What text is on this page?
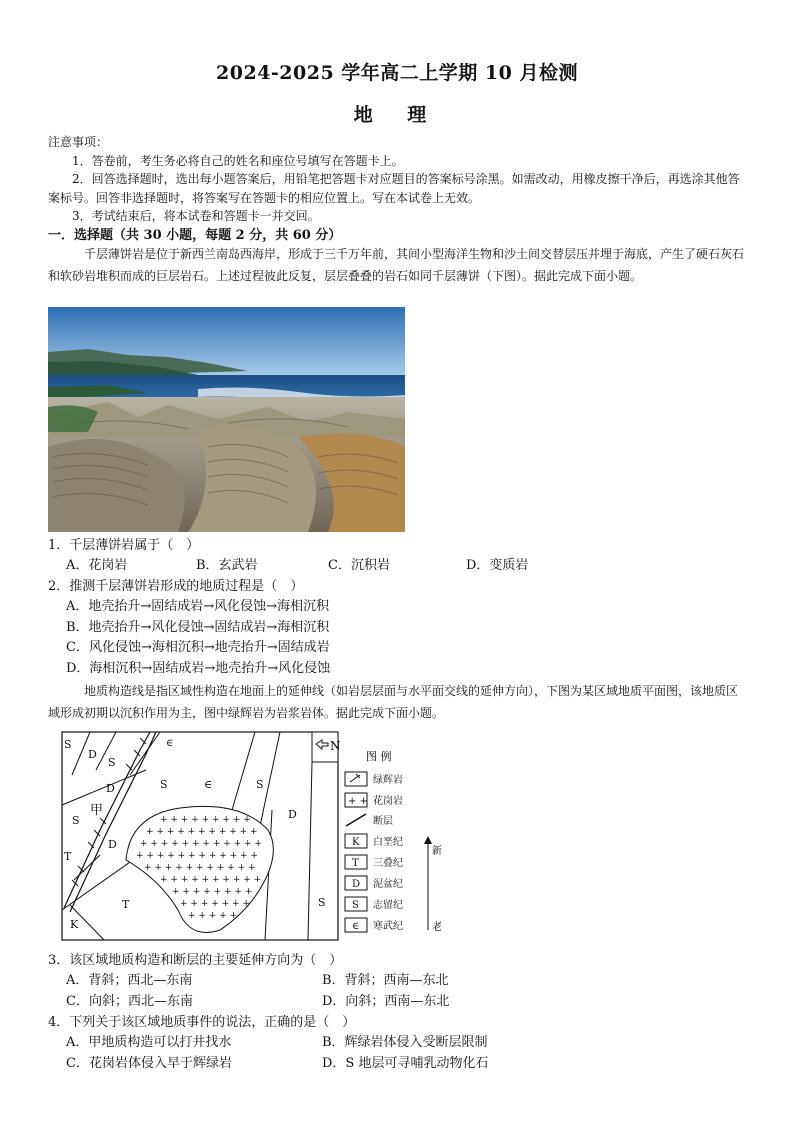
2024-2025 学年高二上学期 10 月检测
地 理

注意事项：

1．答卷前，考生务必将自己的姓名和座位号填写在答题卡上。

2．回答选择题时，选出每小题答案后，用铅笔把答题卡对应题目的答案标号涂黑。如需改动，用橡皮擦干净后，再选涂其他答案标号。回答非选择题时，将答案写在答题卡的相应位置上。写在本试卷上无效。

3．考试结束后，将本试卷和答题卡一并交回。

一．选择题（共 30 小题，每题 2 分，共 60 分）

千层薄饼岩是位于新西兰南岛西海岸，形成于三千万年前，其间小型海洋生物和沙土间交替层压并埋于海底，产生了硬石灰石和软砂岩堆积而成的巨层岩石。上述过程彼此反复，层层叠叠的岩石如同千层薄饼（下图）。据此完成下面小题。

1．千层薄饼岩属于（　）
A．花岗岩	B．玄武岩	C．沉积岩	D．变质岩
2．推测千层薄饼岩形成的地质过程是（　）
A．地壳抬升→固结成岩→风化侵蚀→海相沉积
B．地壳抬升→风化侵蚀→固结成岩→海相沉积
C．风化侵蚀→海相沉积→地壳抬升→固结成岩
D．海相沉积→固结成岩→地壳抬升→风化侵蚀

地质构造线是指区域性构造在地面上的延伸线（如岩层层面与水平面交线的延伸方向），下图为某区域地质平面图，该地质区域形成初期以沉积作用为主，图中绿辉岩为岩浆岩体。据此完成下面小题。

N
+ + + + + + + + +
+ + + + + + + + + + +
+ + + + + + + + + + + +
+ + + + + + + + + + + +
+ + + + + + + + + + +
+ + + + + + + + + +
+ + + + + + + +
+ + + + + + +
+ + + + +
S
D
S
D	S	∈	S
D
S
甲
D
T
T
K
S
∈
图 例
绿辉岩
+ + 花岗岩
断层
K 白垩纪
T 三叠纪
D 泥盆纪
S 志留纪
∈ 寒武纪
新
老
3．该区域地质构造和断层的主要延伸方向为（　）
A．背斜；西北—东南	B．背斜；西南—东北
C．向斜；西北—东南	D．向斜；西南—东北
4．下列关于该区域地质事件的说法，正确的是（　）
A．甲地质构造可以打井找水	B．辉绿岩体侵入受断层限制
C．花岗岩体侵入早于辉绿岩	D．S 地层可寻哺乳动物化石
